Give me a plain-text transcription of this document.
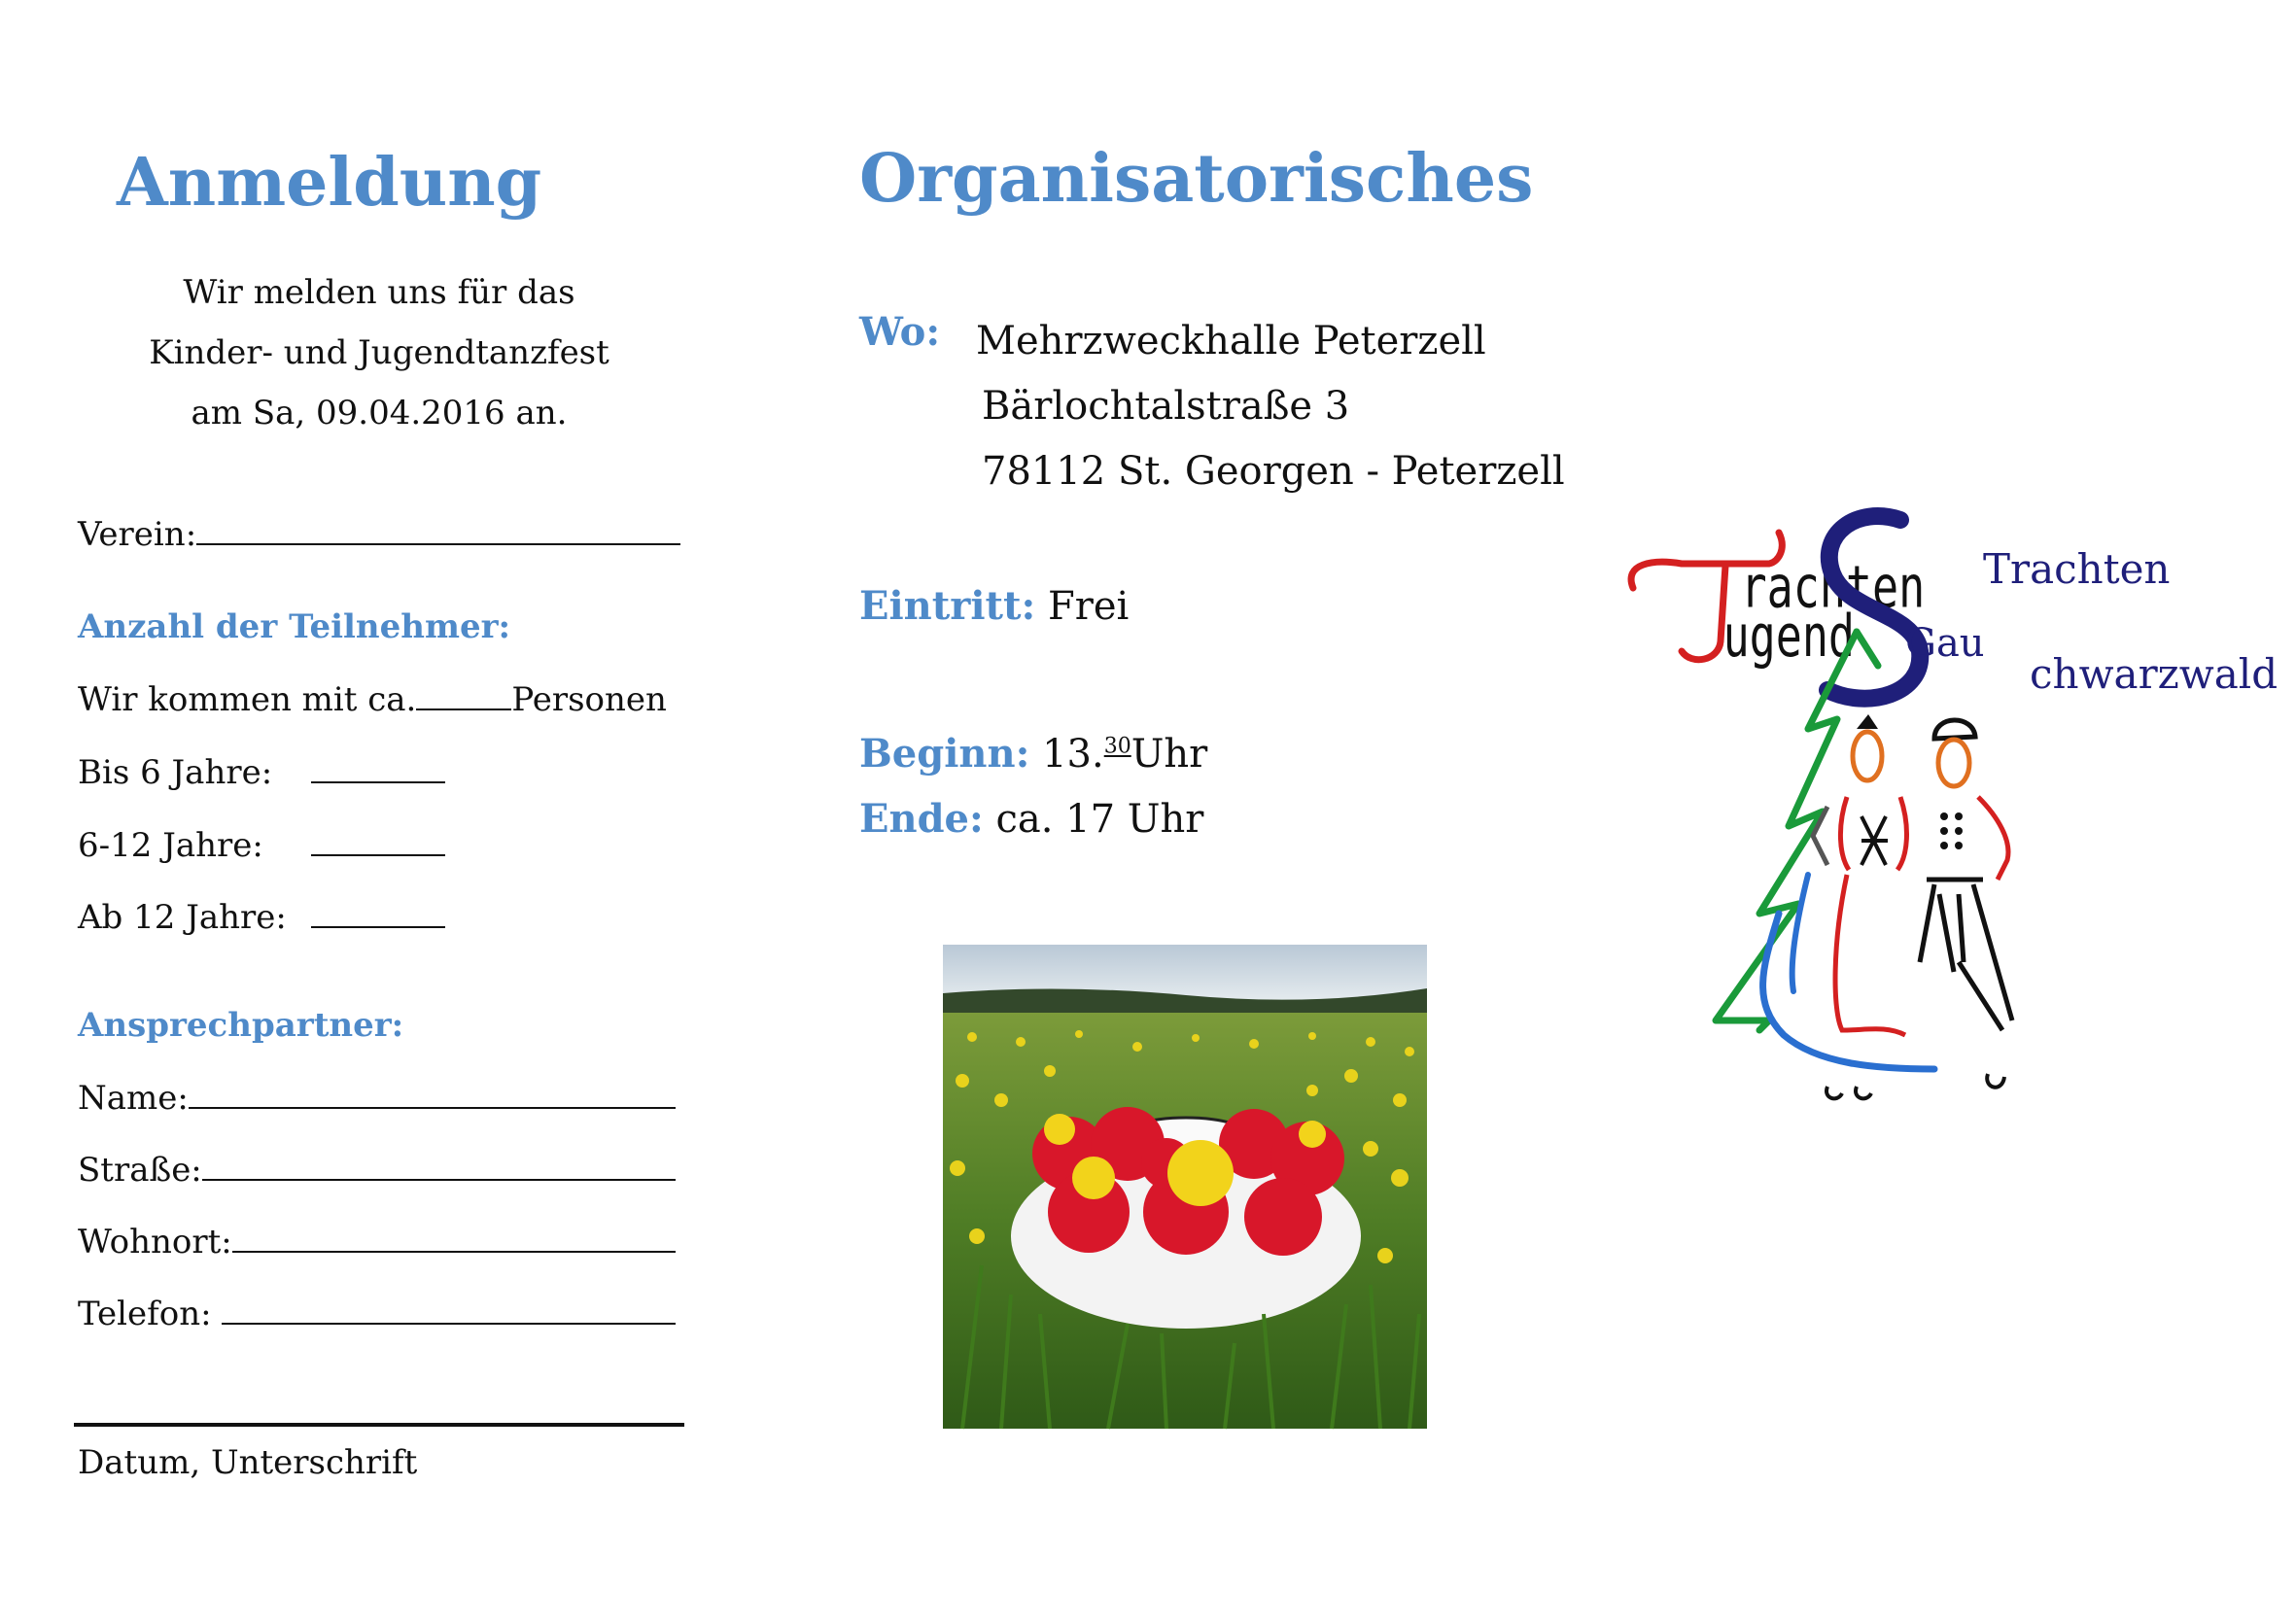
Anmeldung
Wir melden uns für das
Kinder- und Jugendtanzfest
am Sa, 09.04.2016 an.
Verein:
Anzahl der Teilnehmer:
Wir kommen mit ca.	Personen
Bis 6 Jahre:
6-12 Jahre:
Ab 12 Jahre:
Ansprechpartner:
Name:
Straße:
Wohnort:
Telefon:
Datum, Unterschrift
Organisatorisches
Wo: Mehrzweckhalle Peterzell
Bärlochtalstraße 3
78112 St. Georgen - Peterzell
Eintritt: Frei
Beginn: 13.30Uhr
Ende: ca. 17 Uhr
rachten
ugend
Trachten
Gau
chwarzwald
